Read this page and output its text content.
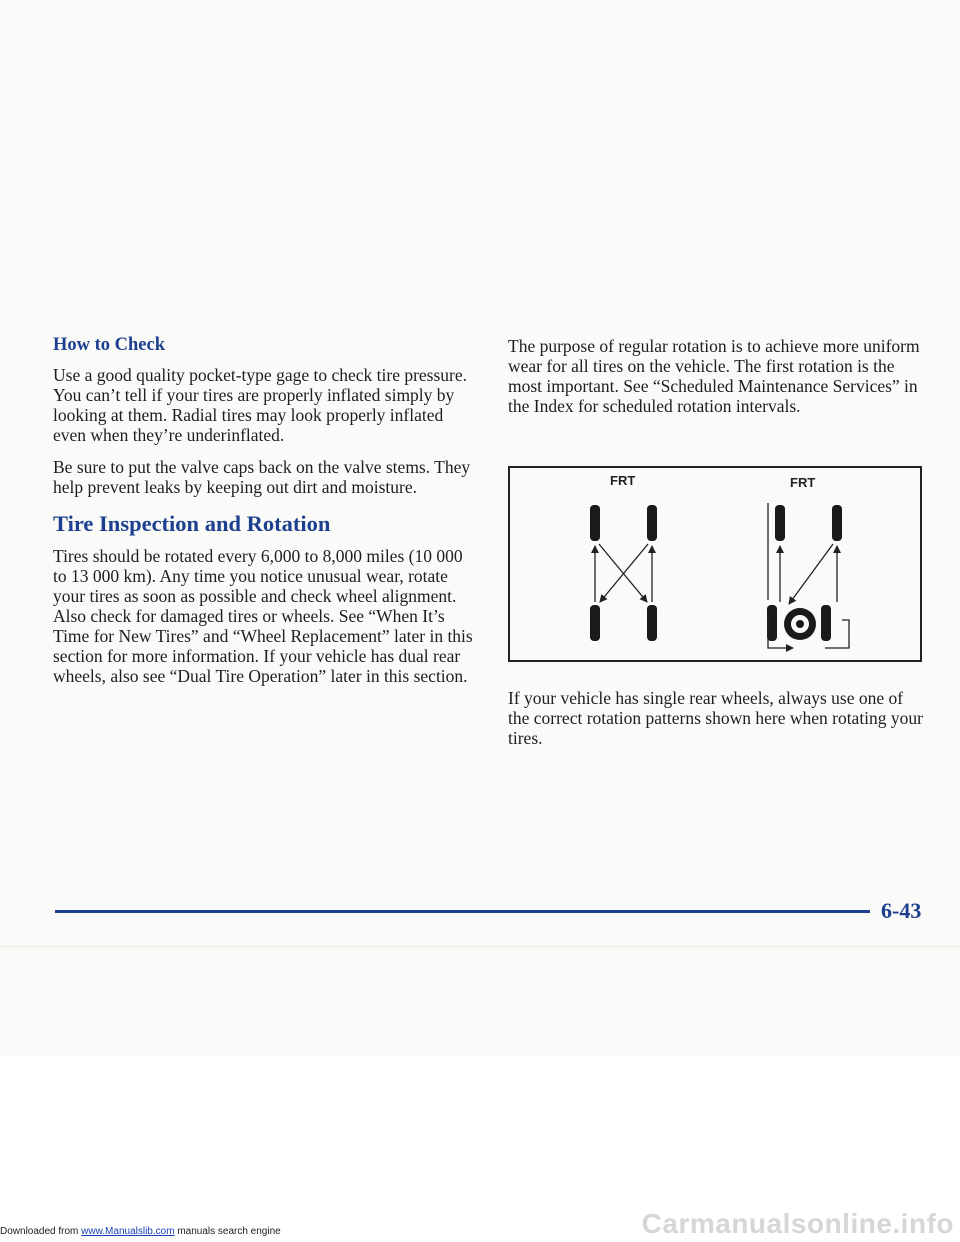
How to Check

Use a good quality pocket-type gage to check tire pressure. You can’t tell if your tires are properly inflated simply by looking at them. Radial tires may look properly inflated even when they’re underinflated.

Be sure to put the valve caps back on the valve stems. They help prevent leaks by keeping out dirt and moisture.

Tire Inspection and Rotation

Tires should be rotated every 6,000 to 8,000 miles (10 000 to 13 000 km). Any time you notice unusual wear, rotate your tires as soon as possible and check wheel alignment. Also check for damaged tires or wheels. See “When It’s Time for New Tires” and “Wheel Replacement” later in this section for more information. If your vehicle has dual rear wheels, also see “Dual Tire Operation” later in this section.

The purpose of regular rotation is to achieve more uniform wear for all tires on the vehicle. The first rotation is the most important. See “Scheduled Maintenance Services” in the Index for scheduled rotation intervals.

FRT	FRT

If your vehicle has single rear wheels, always use one of the correct rotation patterns shown here when rotating your tires.

6-43
Downloaded from www.Manualslib.com manuals search engine	Carmanualsonline.info
